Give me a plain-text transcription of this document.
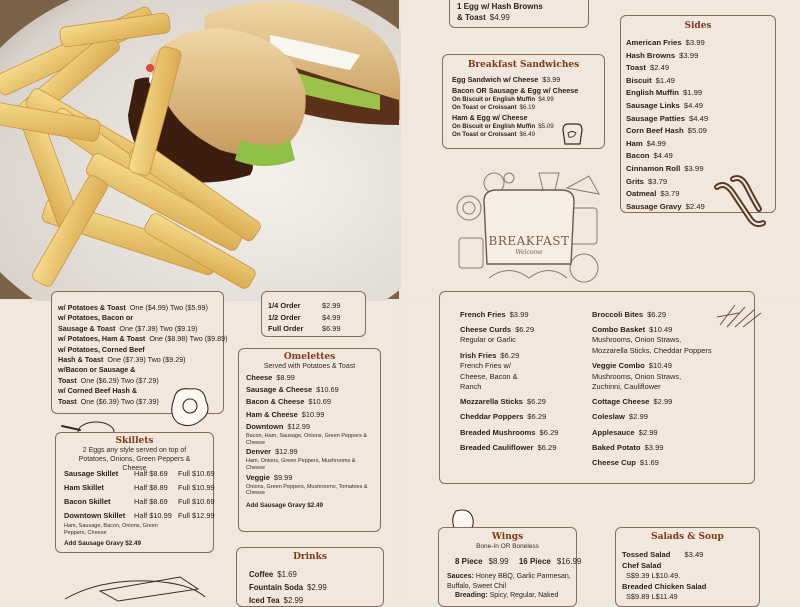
1 Egg w/ Hash Browns
& Toast $4.99
Breakfast Sandwiches
Egg Sandwich w/ Cheese $3.99
Bacon OR Sausage & Egg w/ Cheese
On Biscuit or English Muffin $4.99
On Toast or Croissant $6.19
Ham & Egg w/ Cheese
On Biscuit or English Muffin $5.09
On Toast or Croissant $6.49
Sides
American Fries $3.99
Hash Browns $3.99
Toast $2.49
Biscuit $1.49
English Muffin $1.99
Sausage Links $4.49
Sausage Patties $4.49
Corn Beef Hash $5.09
Ham $4.99
Bacon $4.49
Cinnamon Roll $3.99
Grits $3.79
Oatmeal $3.79
Sausage Gravy $2.49
BREAKFAST
Welcome
w/ Potatoes & Toast One ($4.99) Two ($5.99)
w/ Potatoes, Bacon or
Sausage & Toast One ($7.39) Two ($9.19)
w/ Potatoes, Ham & Toast One ($8.98) Two ($9.89)
w/ Potatoes, Corned Beef
Hash & Toast One ($7.39) Two ($9.29)
w/Bacon or Sausage &
Toast One ($6.29) Two ($7.29)
w/ Corned Beef Hash &
Toast One ($6.39) Two ($7.39)
1/4 Order	$2.99
1/2 Order	$4.99
Full Order	$6.99
Omelettes
Served with Potatoes & Toast
Cheese $8.99
Sausage & Cheese $10.69
Bacon & Cheese $10.69
Ham & Cheese $10.99
Downtown $12.99
Bacon, Ham, Sausage, Onions, Green Peppers & Cheese
Denver $12.99
Ham, Onions, Green Peppers, Mushrooms & Cheese
Veggie $9.99
Onions, Green Peppers, Mushrooms, Tomatoes & Cheese
Add Sausage Gravy $2.49
Skillets
2 Eggs any style served on top of Potatoes, Onions, Green Peppers & Cheese
Sausage Skillet Half $8.69 Full $10.69
Ham Skillet	Half $8.89 Full $10.99
Bacon Skillet	Half $8.69 Full $10.69
Downtown Skillet Half $10.99 Full $12.99
Ham, Sausage, Bacon, Onions, Green Peppers, Cheese
Add Sausage Gravy $2.49
Drinks
Coffee $1.69
Fountain Soda $2.99
Iced Tea $2.99
French Fries $3.99
Cheese Curds $6.29
Regular or Garlic
Irish Fries $6.29
French Fries w/
Cheese, Bacon &
Ranch
Mozzarella Sticks $6.29
Cheddar Poppers $6.29
Breaded Mushrooms $6.29
Breaded Cauliflower $6.29
Broccoli Bites $6.29
Combo Basket $10.49
Mushrooms, Onion Straws,
Mozzarella Sticks, Cheddar Poppers
Veggie Combo $10.49
Mushrooms, Onion Straws,
Zuchinni, Cauliflower
Cottage Cheese $2.99
Coleslaw $2.99
Applesauce $2.99
Baked Potato $3.99
Cheese Cup $1.69
Wings
Bone-In OR Boneless
8 Piece $8.99 16 Piece $16.99
Sauces: Honey BBQ, Garlic Parmesan, Buffalo, Sweet Chil
Breading: Spicy, Regular, Naked
Salads & Soup
Tossed Salad $3.49
Chef Salad
S$9.39 L$10.49.
Breaded Chicken Salad
S$9.89 L$11.49
